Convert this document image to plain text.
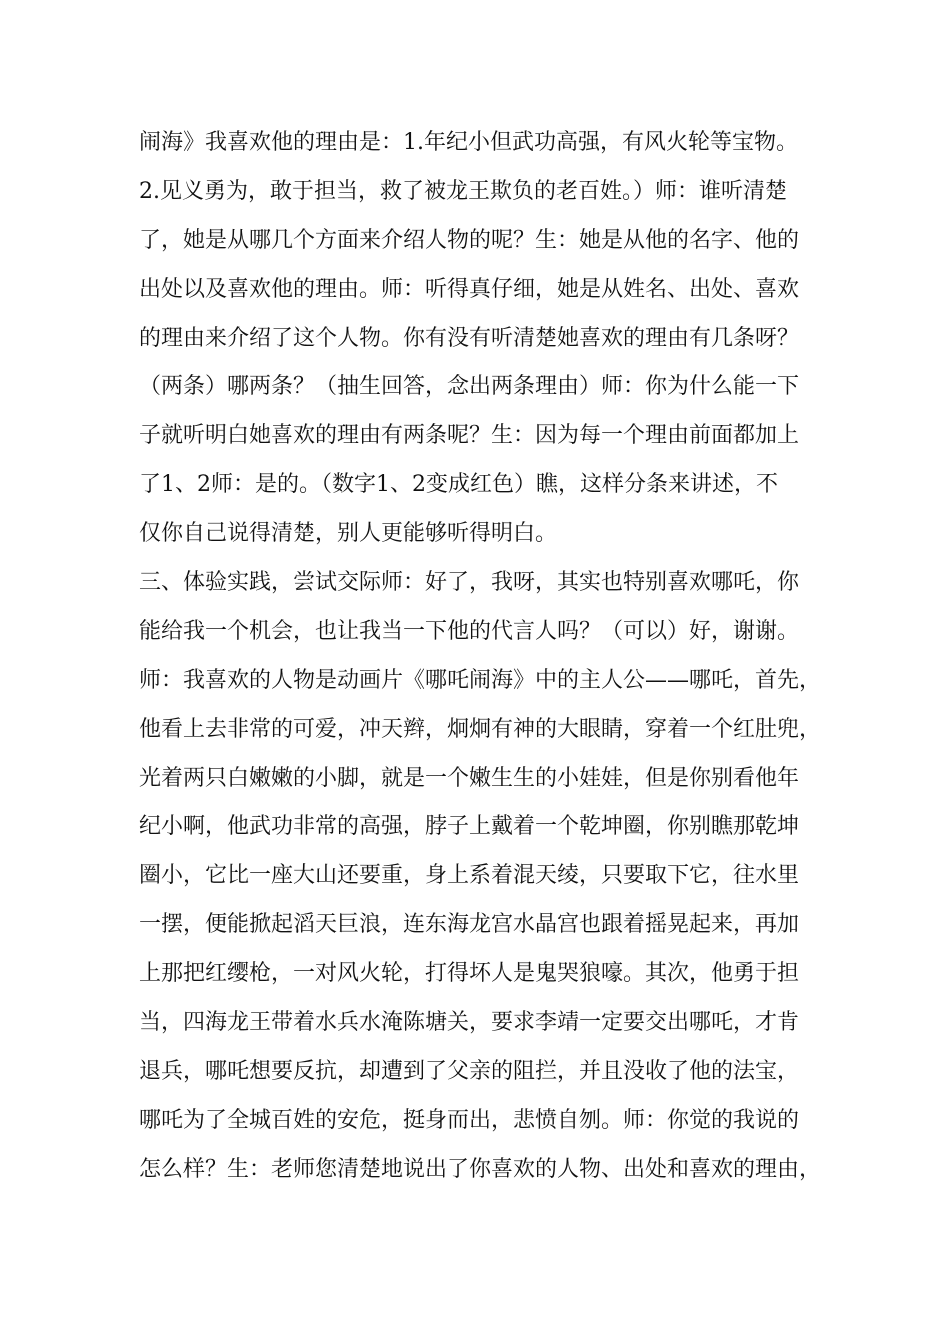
闹海》我喜欢他的理由是：1.年纪小但武功高强，有风火轮等宝物。
2.见义勇为，敢于担当，救了被龙王欺负的老百姓。）师：谁听清楚
了，她是从哪几个方面来介绍人物的呢？生：她是从他的名字、他的
出处以及喜欢他的理由。师：听得真仔细，她是从姓名、出处、喜欢
的理由来介绍了这个人物。你有没有听清楚她喜欢的理由有几条呀？
（两条）哪两条？（抽生回答，念出两条理由）师：你为什么能一下
子就听明白她喜欢的理由有两条呢？生：因为每一个理由前面都加上
了1、2师：是的。（数字1、2变成红色）瞧，这样分条来讲述，不
仅你自己说得清楚，别人更能够听得明白。
三、体验实践，尝试交际师：好了，我呀，其实也特别喜欢哪吒，你
能给我一个机会，也让我当一下他的代言人吗？（可以）好，谢谢。
师：我喜欢的人物是动画片《哪吒闹海》中的主人公——哪吒，首先，
他看上去非常的可爱，冲天辫，炯炯有神的大眼睛，穿着一个红肚兜，
光着两只白嫩嫩的小脚，就是一个嫩生生的小娃娃，但是你别看他年
纪小啊，他武功非常的高强，脖子上戴着一个乾坤圈，你别瞧那乾坤
圈小，它比一座大山还要重，身上系着混天绫，只要取下它，往水里
一摆，便能掀起滔天巨浪，连东海龙宫水晶宫也跟着摇晃起来，再加
上那把红缨枪，一对风火轮，打得坏人是鬼哭狼嚎。其次，他勇于担
当，四海龙王带着水兵水淹陈塘关，要求李靖一定要交出哪吒，才肯
退兵，哪吒想要反抗，却遭到了父亲的阻拦，并且没收了他的法宝，
哪吒为了全城百姓的安危，挺身而出，悲愤自刎。师：你觉的我说的
怎么样？生：老师您清楚地说出了你喜欢的人物、出处和喜欢的理由，
